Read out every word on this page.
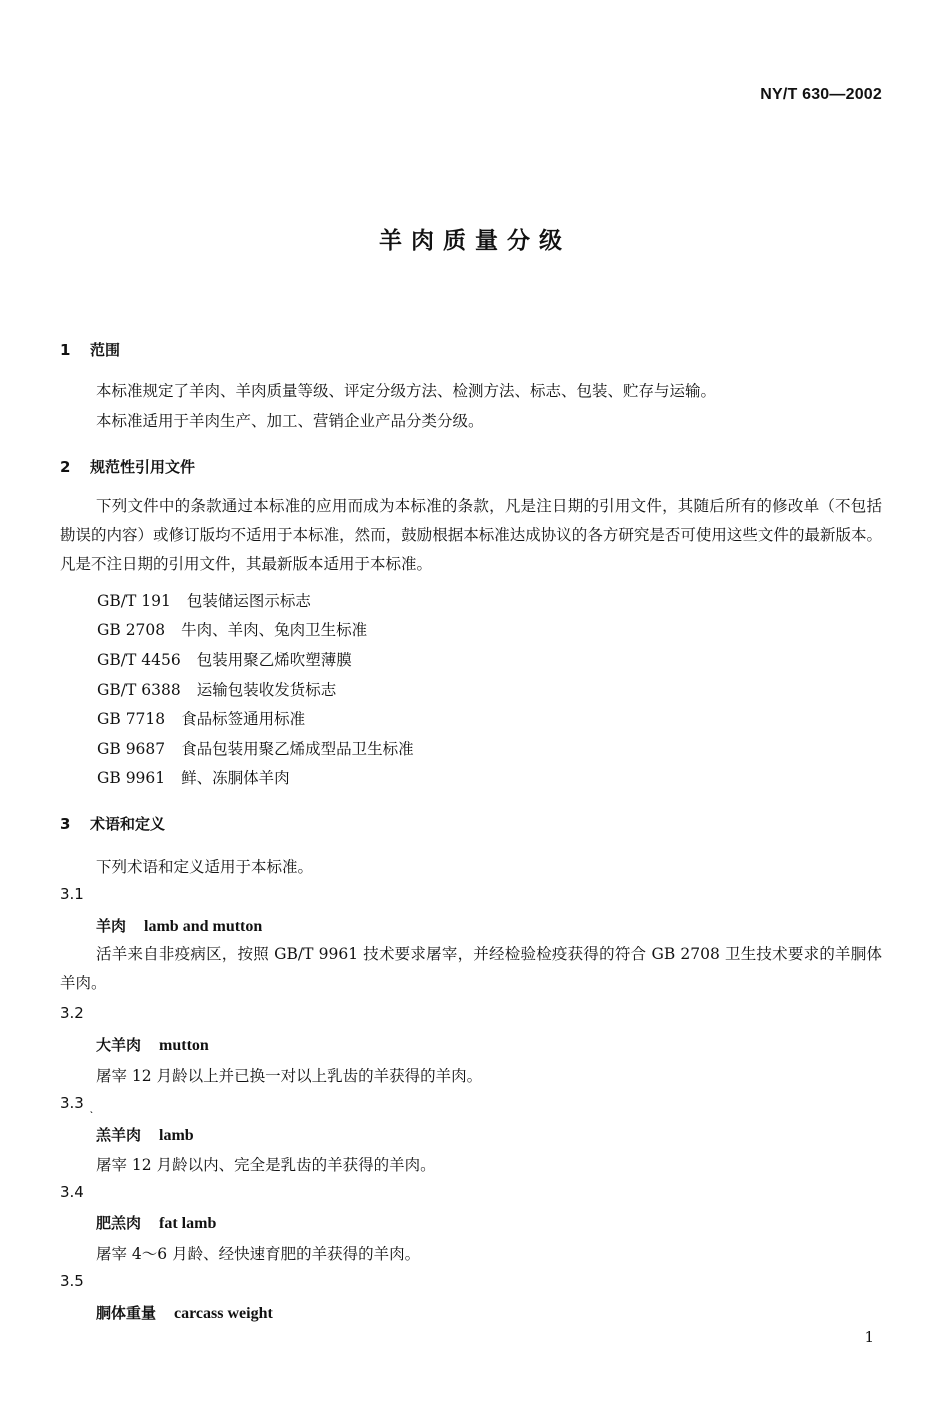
NY/T 630—2002
羊肉质量分级
1 范围
本标准规定了羊肉、羊肉质量等级、评定分级方法、检测方法、标志、包装、贮存与运输。
本标准适用于羊肉生产、加工、营销企业产品分类分级。
2 规范性引用文件
下列文件中的条款通过本标准的应用而成为本标准的条款，凡是注日期的引用文件，其随后所有的修改单（不包括勘误的内容）或修订版均不适用于本标准，然而，鼓励根据本标准达成协议的各方研究是否可使用这些文件的最新版本。凡是不注日期的引用文件，其最新版本适用于本标准。
GB/T 191 包装储运图示标志
GB 2708 牛肉、羊肉、兔肉卫生标准
GB/T 4456 包装用聚乙烯吹塑薄膜
GB/T 6388 运输包装收发货标志
GB 7718 食品标签通用标准
GB 9687 食品包装用聚乙烯成型品卫生标准
GB 9961 鲜、冻胴体羊肉
3 术语和定义
下列术语和定义适用于本标准。
3.1
羊肉 lamb and mutton
活羊来自非疫病区，按照 GB/T 9961 技术要求屠宰，并经检验检疫获得的符合 GB 2708 卫生技术要求的羊胴体羊肉。
3.2
大羊肉 mutton
屠宰 12 月龄以上并已换一对以上乳齿的羊获得的羊肉。
3.3 ˴
羔羊肉 lamb
屠宰 12 月龄以内、完全是乳齿的羊获得的羊肉。
3.4
肥羔肉 fat lamb
屠宰 4～6 月龄、经快速育肥的羊获得的羊肉。
3.5
胴体重量 carcass weight
1
